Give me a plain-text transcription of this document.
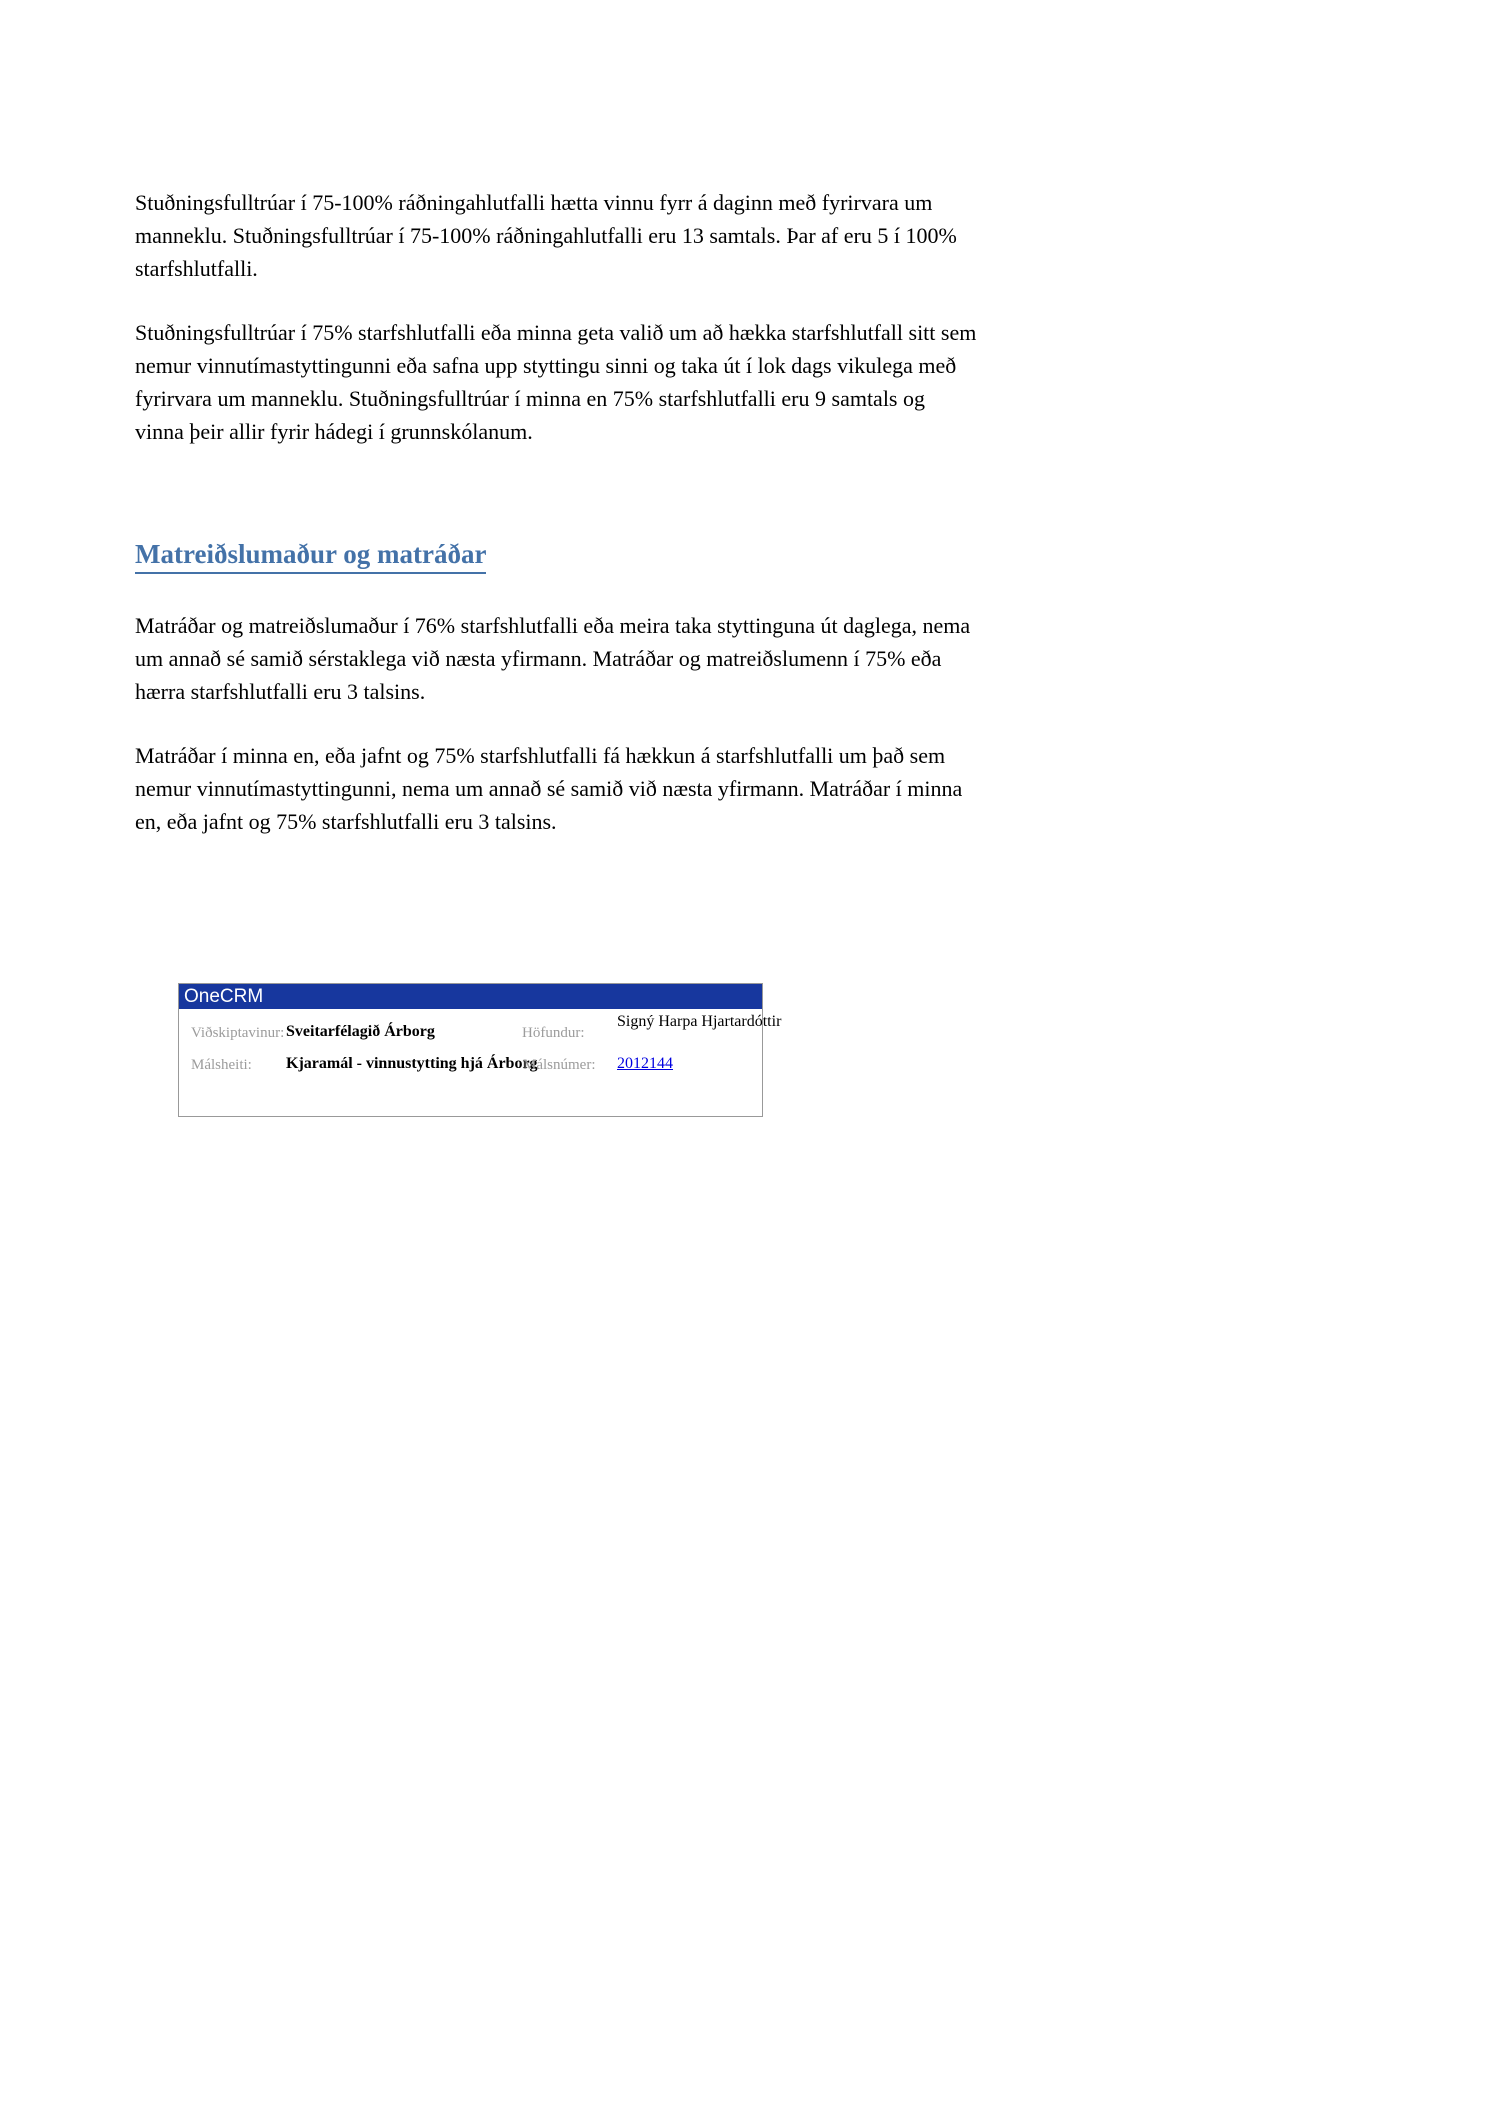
Stuðningsfulltrúar í 75-100% ráðningahlutfalli hætta vinnu fyrr á daginn með fyrirvara um manneklu. Stuðningsfulltrúar í 75-100% ráðningahlutfalli eru 13 samtals. Þar af eru 5 í 100% starfshlutfalli.

Stuðningsfulltrúar í 75% starfshlutfalli eða minna geta valið um að hækka starfshlutfall sitt sem nemur vinnutímastyttingunni eða safna upp styttingu sinni og taka út í lok dags vikulega með fyrirvara um manneklu. Stuðningsfulltrúar í minna en 75% starfshlutfalli eru 9 samtals og vinna þeir allir fyrir hádegi í grunnskólanum.

Matreiðslumaður og matráðar

Matráðar og matreiðslumaður í 76% starfshlutfalli eða meira taka styttinguna út daglega, nema um annað sé samið sérstaklega við næsta yfirmann. Matráðar og matreiðslumenn í 75% eða hærra starfshlutfalli eru 3 talsins.

Matráðar í minna en, eða jafnt og 75% starfshlutfalli fá hækkun á starfshlutfalli um það sem nemur vinnutímastyttingunni, nema um annað sé samið við næsta yfirmann. Matráðar í minna en, eða jafnt og 75% starfshlutfalli eru 3 talsins.

OneCRM
Viðskiptavinur: Sveitarfélagið Árborg	Höfundur:
Signý Harpa Hjartardóttir
Málsheiti: Kjaramál - vinnustytting hjá Árborg
Málsnúmer: 2012144
